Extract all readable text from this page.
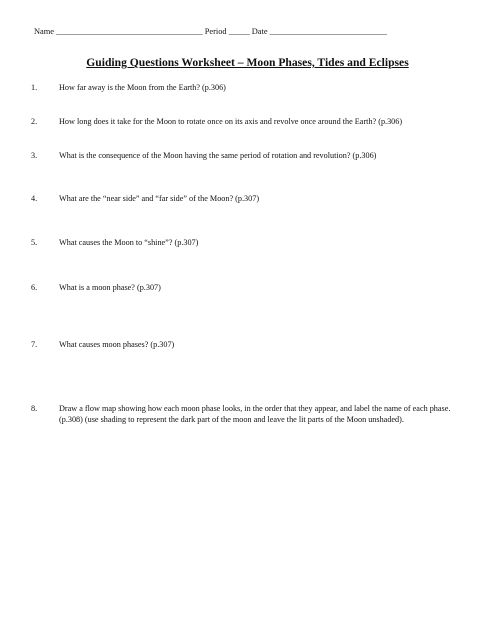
Name ___________________________________ Period _____ Date ____________________________
Guiding Questions Worksheet – Moon Phases, Tides and Eclipses
1.	How far away is the Moon from the Earth? (p.306)
2.	How long does it take for the Moon to rotate once on its axis and revolve once around the Earth? (p.306)
3.	What is the consequence of the Moon having the same period of rotation and revolution? (p.306)
4.	What are the “near side” and “far side” of the Moon? (p.307)
5.	What causes the Moon to “shine”? (p.307)
6.	What is a moon phase? (p.307)
7.	What causes moon phases? (p.307)
8.	Draw a flow map showing how each moon phase looks, in the order that they appear, and label the name of each phase. (p.308) (use shading to represent the dark part of the moon and leave the lit parts of the Moon unshaded).
